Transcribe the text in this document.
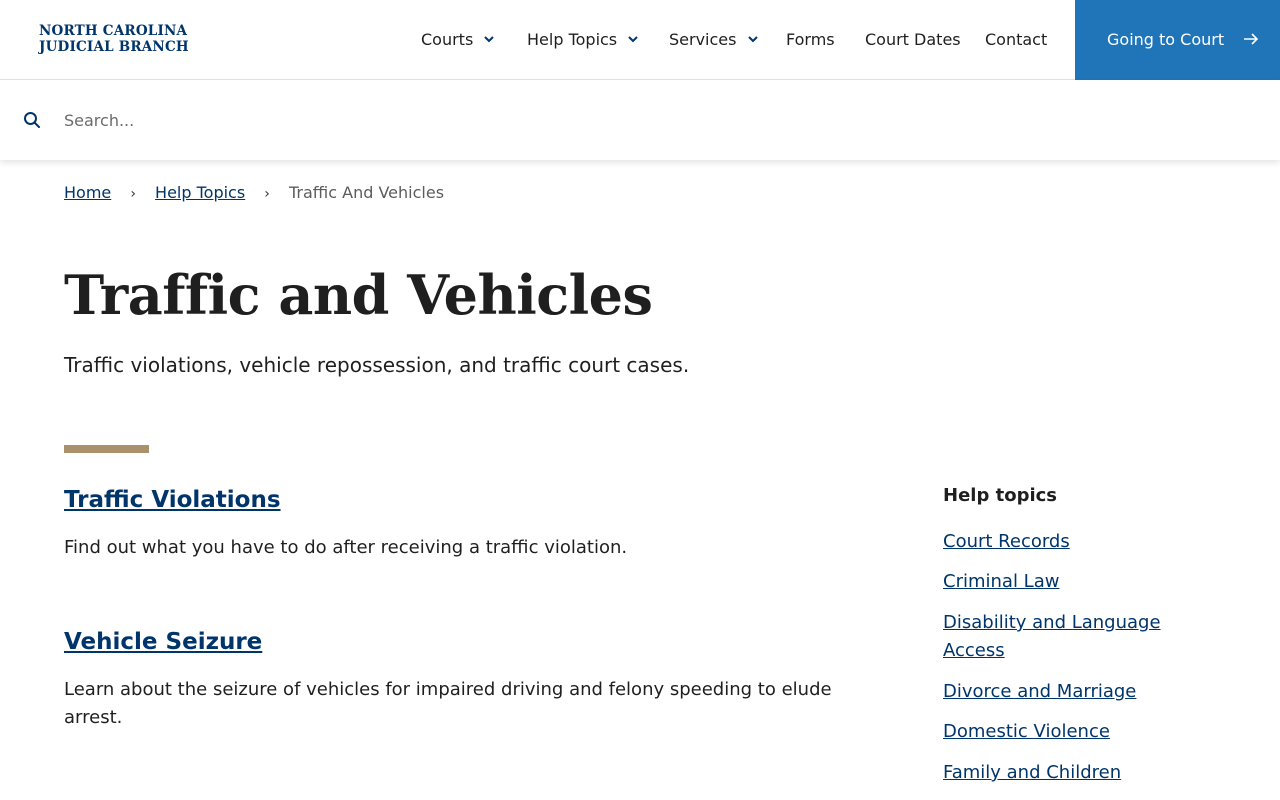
NORTH CAROLINA
JUDICIAL BRANCH	Courts	Help Topics	Services	Forms Court Dates Contact	Going to Court
Search...
Home › Help Topics › Traffic And Vehicles
Traffic and Vehicles
Traffic violations, vehicle repossession, and traffic court cases.
Traffic Violations
Find out what you have to do after receiving a traffic violation.
Vehicle Seizure
Learn about the seizure of vehicles for impaired driving and felony speeding to elude arrest.
Help topics
Court Records
Criminal Law
Disability and Language Access
Divorce and Marriage
Domestic Violence
Family and Children
